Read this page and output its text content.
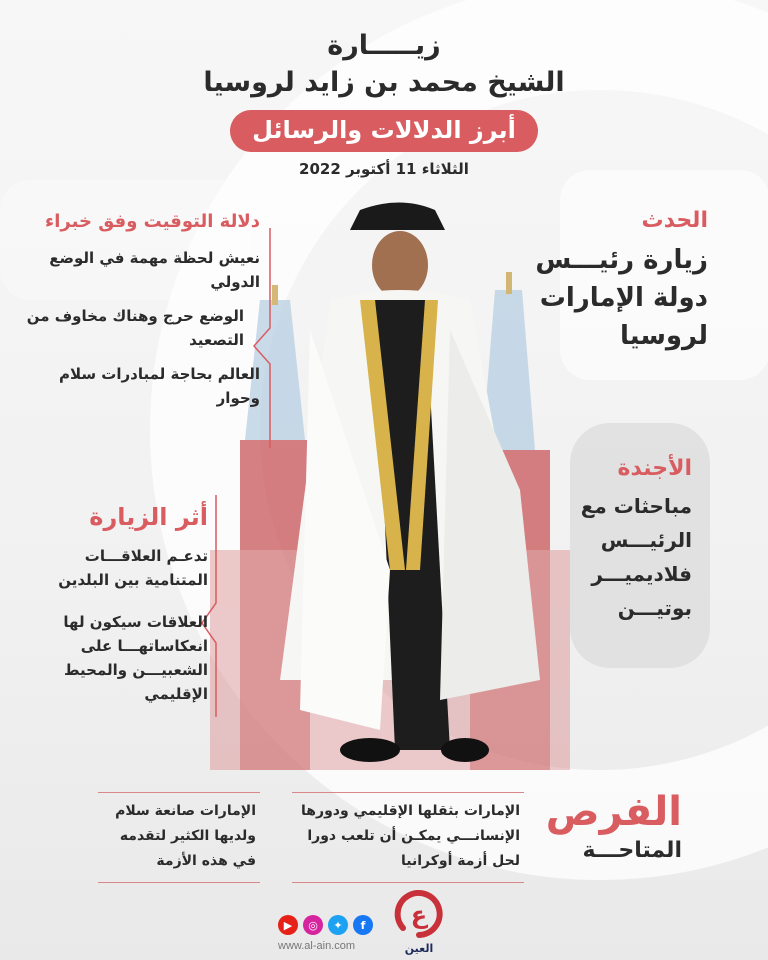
زيـــــارة
الشيخ محمد بن زايد لروسيا
أبرز الدلالات والرسائل
الثلاثاء 11 أكتوبر 2022
الحدث
زيارة رئيـــس دولة الإمارات لروسيا
الأجندة
مباحثات مع الرئيـــس فلاديميـــر بوتيـــن
دلالة التوقيت وفق خبراء
نعيش لحظة مهمة في الوضع الدولي
الوضع حرج وهناك مخاوف من التصعيد
العالم بحاجة لمبادرات سلام وحوار
أثر الزيارة
تدعـم العلاقـــات المتنامية بين البلدين
العلاقات سيكون لها انعكاساتهـــا على الشعبيـــن والمحيط الإقليمي
الفرص
المتاحـــة
الإمارات بثقلها الإقليمي ودورها الإنسانـــي يمكـن أن تلعب دورا لحل أزمة أوكرانيا
الإمارات صانعة سلام ولديها الكثير لتقدمه في هذه الأزمة
▶	◎	✦	f
www.al-ain.com
ع
العين
